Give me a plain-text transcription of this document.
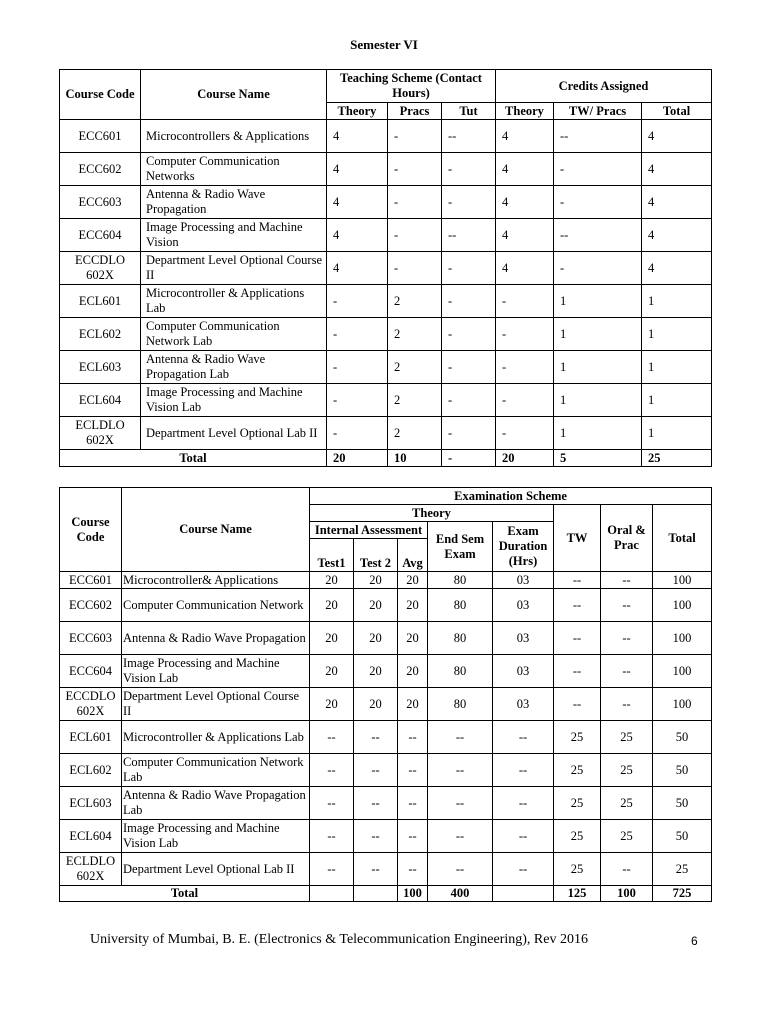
Semester VI
Course Code	Course Name	Teaching Scheme (Contact Hours)			Credits Assigned		
		Theory	Pracs	Tut	Theory	TW/ Pracs	Total
ECC601	Microcontrollers & Applications	4	-	--	4	--	4
ECC602	Computer Communication Networks	4	-	-	4	-	4
ECC603	Antenna & Radio Wave Propagation	4	-	-	4	-	4
ECC604	Image Processing and Machine Vision	4	-	--	4	--	4
ECCDLO 602X	Department Level Optional Course II	4	-	-	4	-	4
ECL601	Microcontroller & Applications Lab	-	2	-	-	1	1
ECL602	Computer Communication Network Lab	-	2	-	-	1	1
ECL603	Antenna & Radio Wave Propagation Lab	-	2	-	-	1	1
ECL604	Image Processing and Machine Vision Lab	-	2	-	-	1	1
ECLDLO 602X	Department Level Optional Lab II	-	2	-	-	1	1
Total		20	10	-	20	5	25
Course Code	Course Name	Examination Scheme							
		Theory					TW	Oral & Prac	Total
		Internal Assessment			End Sem Exam	Exam Duration (Hrs)			
		Test1	Test 2	Avg					
ECC601	Microcontroller& Applications	20	20	20	80	03	--	--	100
ECC602	Computer Communication Network	20	20	20	80	03	--	--	100
ECC603	Antenna & Radio Wave Propagation	20	20	20	80	03	--	--	100
ECC604	Image Processing and Machine Vision Lab	20	20	20	80	03	--	--	100
ECCDLO 602X	Department Level Optional Course II	20	20	20	80	03	--	--	100
ECL601	Microcontroller & Applications Lab	--	--	--	--	--	25	25	50
ECL602	Computer Communication Network Lab	--	--	--	--	--	25	25	50
ECL603	Antenna & Radio Wave Propagation Lab	--	--	--	--	--	25	25	50
ECL604	Image Processing and Machine Vision Lab	--	--	--	--	--	25	25	50
ECLDLO 602X	Department Level Optional Lab II	--	--	--	--	--	25	--	25
Total				100	400		125	100	725
University of Mumbai, B. E. (Electronics & Telecommunication Engineering), Rev 2016	6
